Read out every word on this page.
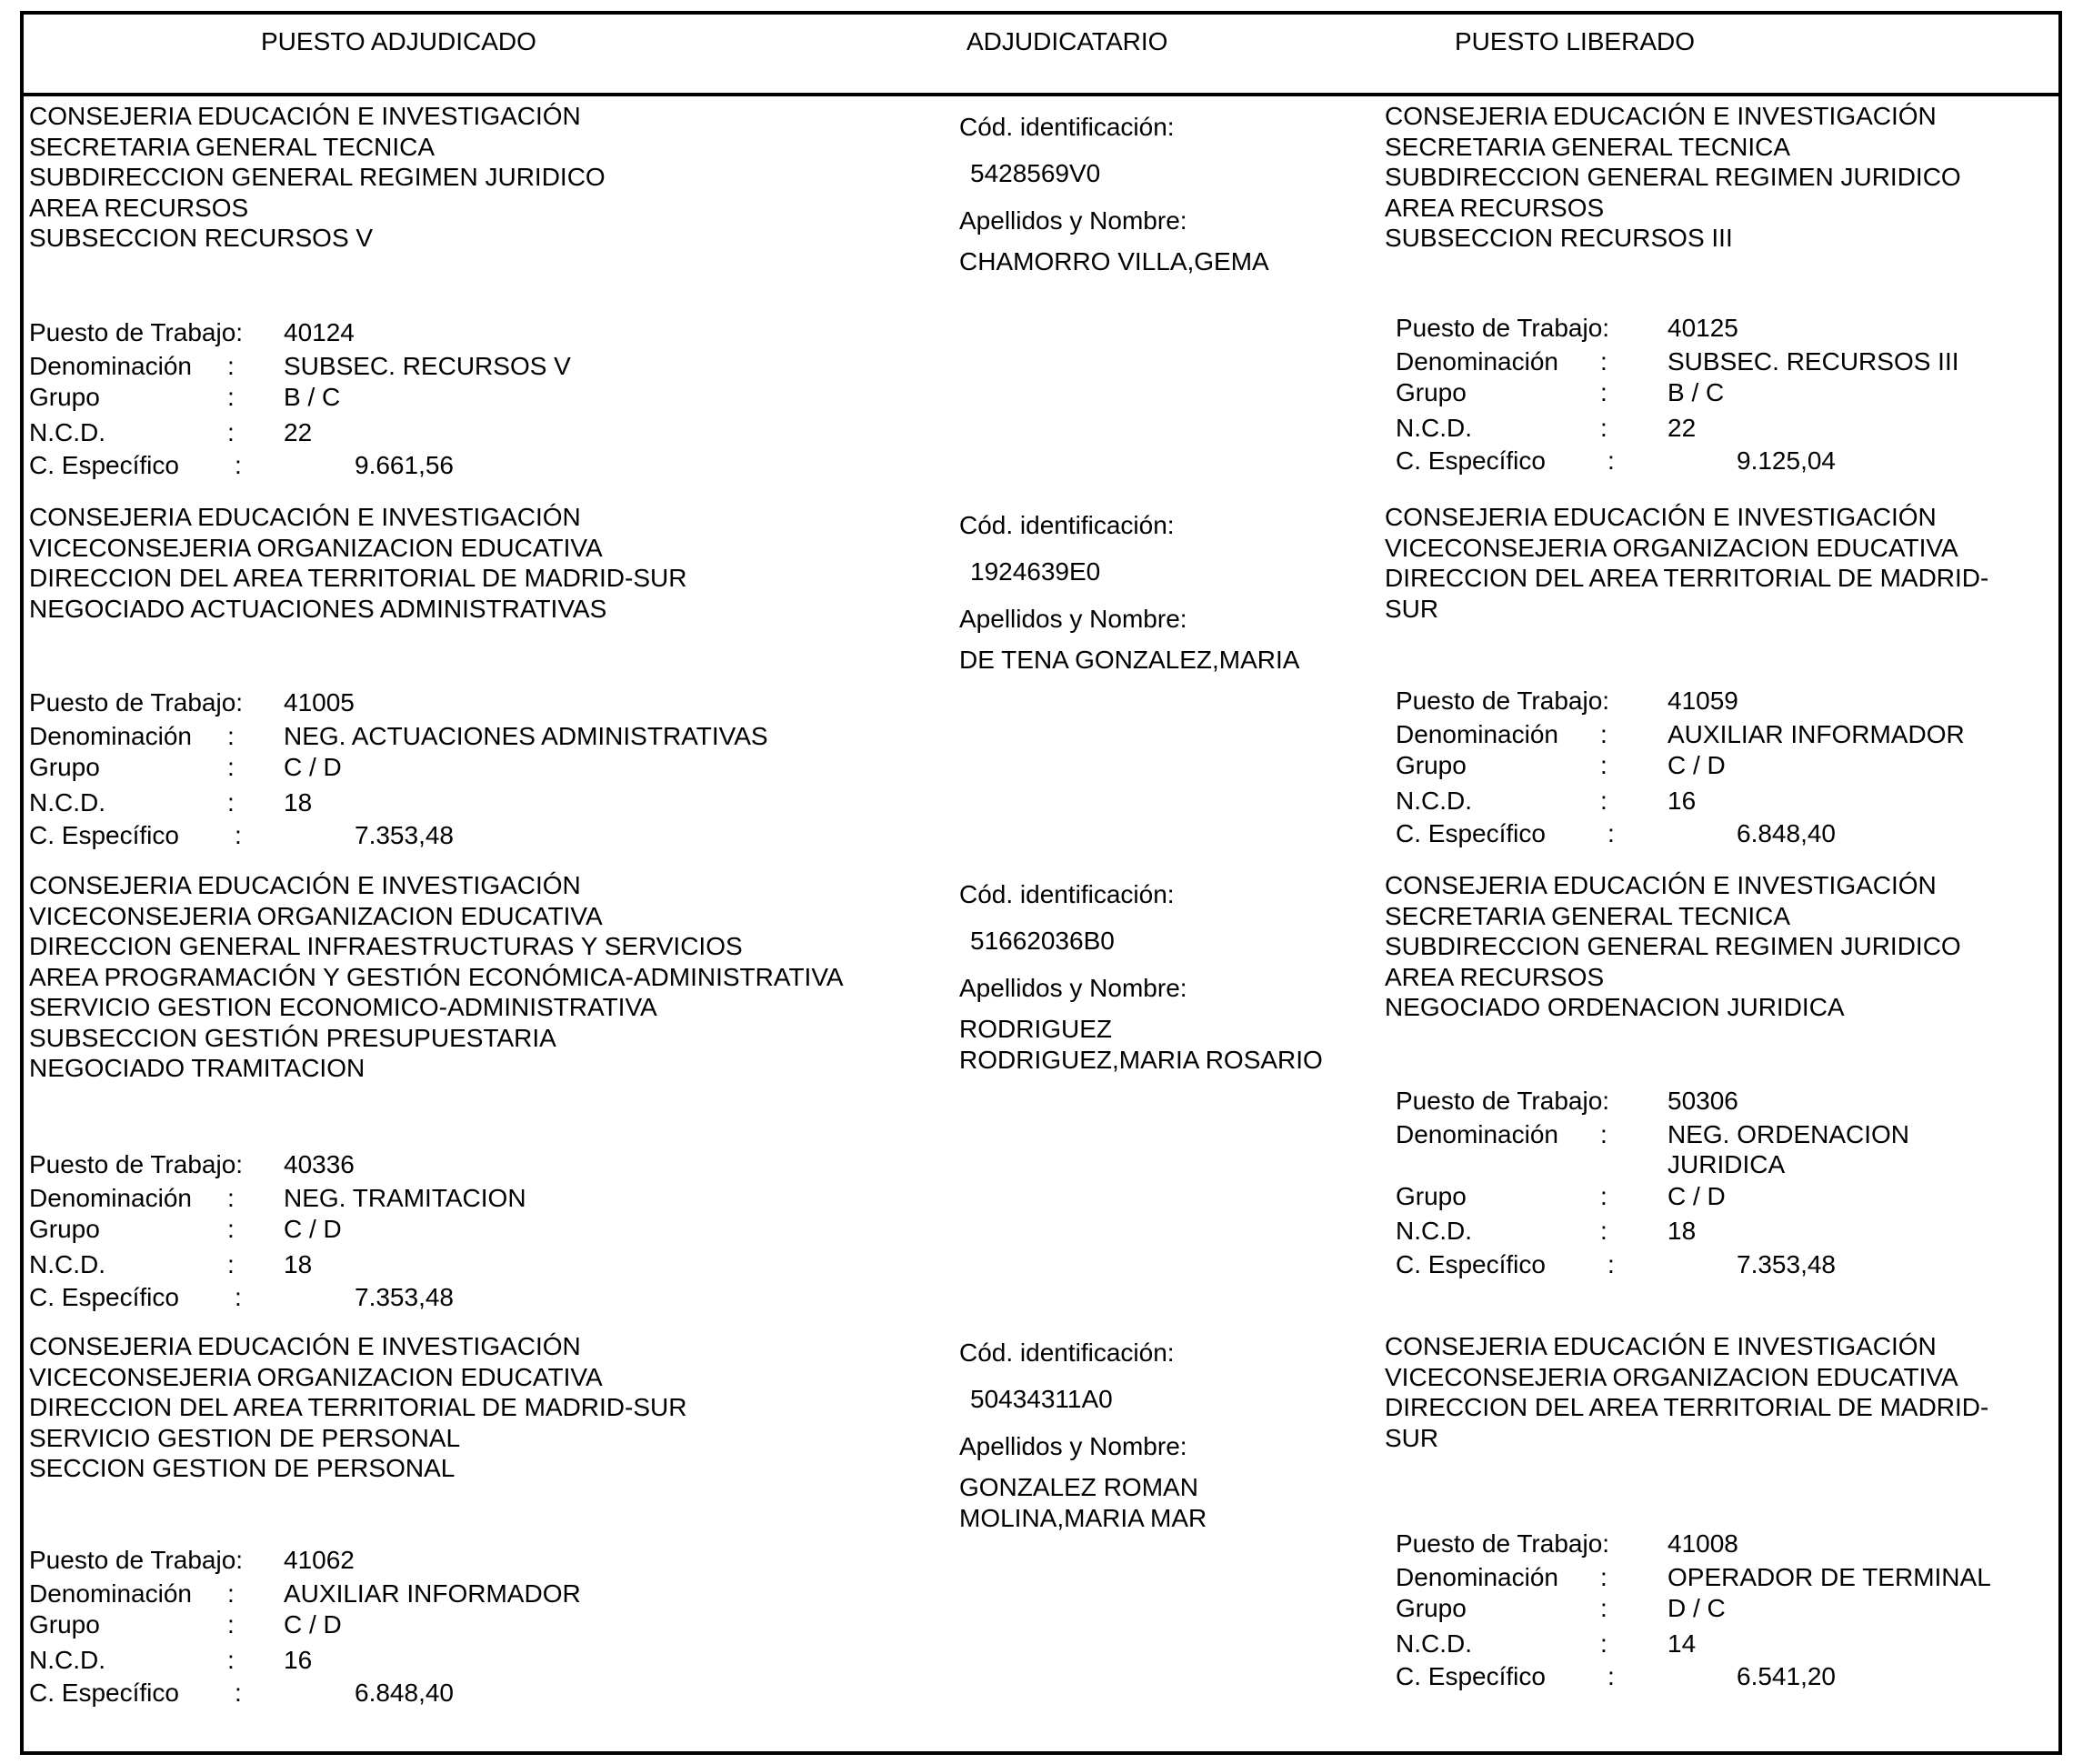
PUESTO ADJUDICADO	ADJUDICATARIO	PUESTO LIBERADO
CONSEJERIA EDUCACIÓN E INVESTIGACIÓN
SECRETARIA GENERAL TECNICA
SUBDIRECCION GENERAL REGIMEN JURIDICO
AREA RECURSOS
SUBSECCION RECURSOS V
Puesto de Trabajo: 40124
Denominación : SUBSEC. RECURSOS V
Grupo	: B / C
N.C.D.	: 22
C. Específico :	9.661,56
Cód. identificación:
5428569V0
Apellidos y Nombre:
CHAMORRO VILLA,GEMA
CONSEJERIA EDUCACIÓN E INVESTIGACIÓN
SECRETARIA GENERAL TECNICA
SUBDIRECCION GENERAL REGIMEN JURIDICO
AREA RECURSOS
SUBSECCION RECURSOS III
Puesto de Trabajo: 40125
Denominación : SUBSEC. RECURSOS III
Grupo	: B / C
N.C.D.	: 22
C. Específico :	9.125,04
CONSEJERIA EDUCACIÓN E INVESTIGACIÓN
VICECONSEJERIA ORGANIZACION EDUCATIVA
DIRECCION DEL AREA TERRITORIAL DE MADRID-SUR
NEGOCIADO ACTUACIONES ADMINISTRATIVAS
Puesto de Trabajo: 41005
Denominación : NEG. ACTUACIONES ADMINISTRATIVAS
Grupo	: C / D
N.C.D.	: 18
C. Específico :	7.353,48
Cód. identificación:
1924639E0
Apellidos y Nombre:
DE TENA GONZALEZ,MARIA
CONSEJERIA EDUCACIÓN E INVESTIGACIÓN
VICECONSEJERIA ORGANIZACION EDUCATIVA
DIRECCION DEL AREA TERRITORIAL DE MADRID-
SUR
Puesto de Trabajo: 41059
Denominación : AUXILIAR INFORMADOR
Grupo	: C / D
N.C.D.	: 16
C. Específico :	6.848,40
CONSEJERIA EDUCACIÓN E INVESTIGACIÓN
VICECONSEJERIA ORGANIZACION EDUCATIVA
DIRECCION GENERAL INFRAESTRUCTURAS Y SERVICIOS
AREA PROGRAMACIÓN Y GESTIÓN ECONÓMICA-ADMINISTRATIVA
SERVICIO GESTION ECONOMICO-ADMINISTRATIVA
SUBSECCION GESTIÓN PRESUPUESTARIA
NEGOCIADO TRAMITACION
Puesto de Trabajo: 40336
Denominación : NEG. TRAMITACION
Grupo	: C / D
N.C.D.	: 18
C. Específico :	7.353,48
Cód. identificación:
51662036B0
Apellidos y Nombre:
RODRIGUEZ
RODRIGUEZ,MARIA ROSARIO
CONSEJERIA EDUCACIÓN E INVESTIGACIÓN
SECRETARIA GENERAL TECNICA
SUBDIRECCION GENERAL REGIMEN JURIDICO
AREA RECURSOS
NEGOCIADO ORDENACION JURIDICA
Puesto de Trabajo: 50306
Denominación : NEG. ORDENACION
JURIDICA
Grupo	: C / D
N.C.D.	: 18
C. Específico :	7.353,48
CONSEJERIA EDUCACIÓN E INVESTIGACIÓN
VICECONSEJERIA ORGANIZACION EDUCATIVA
DIRECCION DEL AREA TERRITORIAL DE MADRID-SUR
SERVICIO GESTION DE PERSONAL
SECCION GESTION DE PERSONAL
Puesto de Trabajo: 41062
Denominación : AUXILIAR INFORMADOR
Grupo	: C / D
N.C.D.	: 16
C. Específico :	6.848,40
Cód. identificación:
50434311A0
Apellidos y Nombre:
GONZALEZ ROMAN
MOLINA,MARIA MAR
CONSEJERIA EDUCACIÓN E INVESTIGACIÓN
VICECONSEJERIA ORGANIZACION EDUCATIVA
DIRECCION DEL AREA TERRITORIAL DE MADRID-
SUR
Puesto de Trabajo: 41008
Denominación : OPERADOR DE TERMINAL
Grupo	: D / C
N.C.D.	: 14
C. Específico :	6.541,20
